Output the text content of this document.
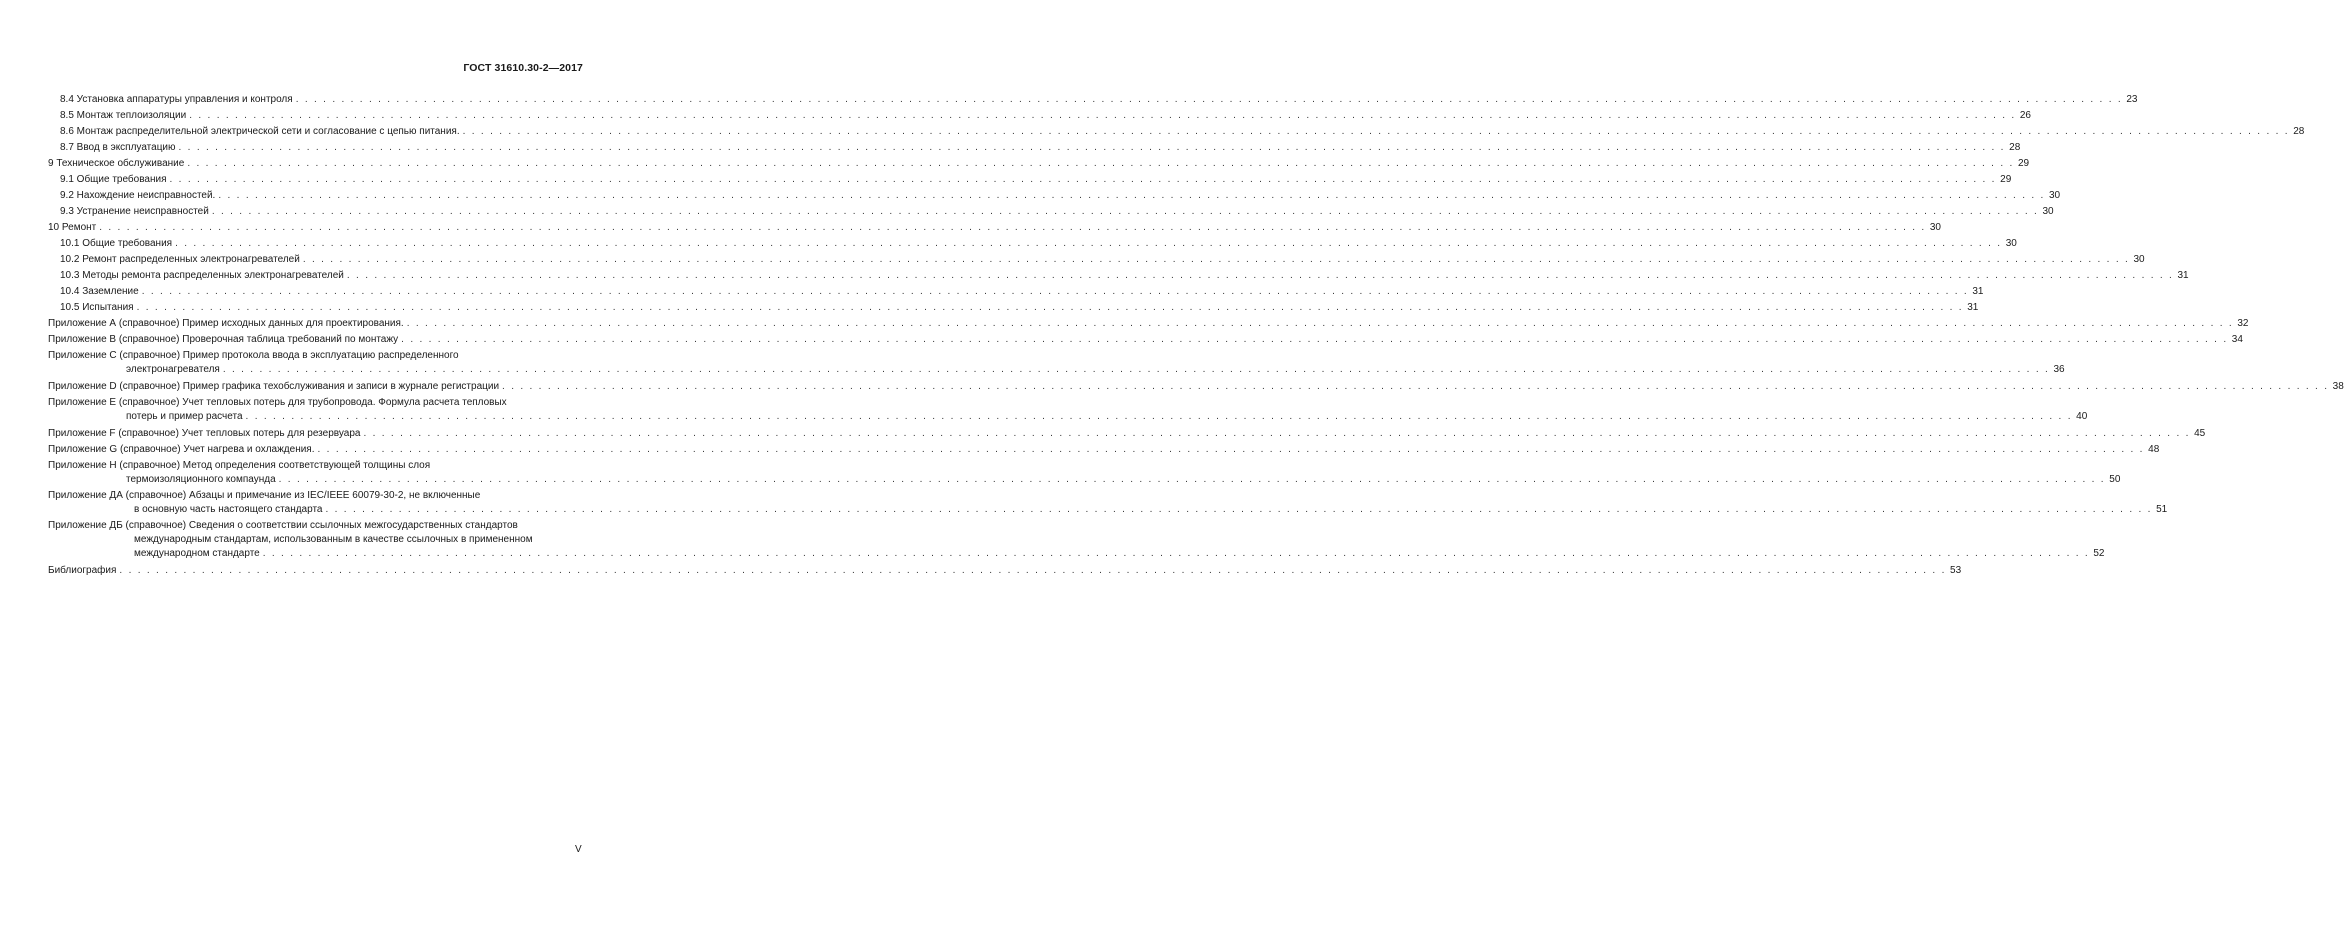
ГОСТ 31610.30-2—2017
8.4 Установка аппаратуры управления и контроля . . . . . . . . . . . . . . . . . . . . . . . . . . . . . . . . . . . . . . . . . . . . . . . . . . . . . . . . . . . . . . . . . . . . . . . . . . . . . . . . . . . . . . . . . . . . . . . . . . . . . . . . . . . . . . . . . . . . . . . . . . . . . . . . . . . . . . . . . . . . . . . . . . . . . . . . . . . . . . . . . . . . . . . . . . . . . . . . . . . . . . . . . . . . . . . . . . . . . . . . 23
8.5 Монтаж теплоизоляции . . . . . . . . . . . . . . . . . . . . . . . . . . . . . . . . . . . . . . . . . . . . . . . . . . . . . . . . . . . . . . . . . . . . . . . . . . . . . . . . . . . . . . . . . . . . . . . . . . . . . . . . . . . . . . . . . . . . . . . . . . . . . . . . . . . . . . . . . . . . . . . . . . . . . . . . . . . . . . . . . . . . . . . . . . . . . . . . . . . . . . . . . . . . . . . . . . . . . . . . 26
8.6 Монтаж распределительной электрической сети и согласование с цепью питания. . . . . . . . . . . . . . . . . . . . . . . . . . . . . . . . . . . . . . . . . . . . . . . . . . . . . . . . . . . . . . . . . . . . . . . . . . . . . . . . . . . . . . . . . . . . . . . . . . . . . . . . . . . . . . . . . . . . . . . . . . . . . . . . . . . . . . . . . . . . . . . . . . . . . . . . . . . . . . . . . . . . . . . . . . . . . . . . . . . . . . . . . . . . . . . . . . . . . . . . . 28
8.7 Ввод в эксплуатацию . . . . . . . . . . . . . . . . . . . . . . . . . . . . . . . . . . . . . . . . . . . . . . . . . . . . . . . . . . . . . . . . . . . . . . . . . . . . . . . . . . . . . . . . . . . . . . . . . . . . . . . . . . . . . . . . . . . . . . . . . . . . . . . . . . . . . . . . . . . . . . . . . . . . . . . . . . . . . . . . . . . . . . . . . . . . . . . . . . . . . . . . . . . . . . . . . . . . . . . . 28
9 Техническое обслуживание . . . . . . . . . . . . . . . . . . . . . . . . . . . . . . . . . . . . . . . . . . . . . . . . . . . . . . . . . . . . . . . . . . . . . . . . . . . . . . . . . . . . . . . . . . . . . . . . . . . . . . . . . . . . . . . . . . . . . . . . . . . . . . . . . . . . . . . . . . . . . . . . . . . . . . . . . . . . . . . . . . . . . . . . . . . . . . . . . . . . . . . . . . . . . . . . . . . . . . . . 29
9.1 Общие требования . . . . . . . . . . . . . . . . . . . . . . . . . . . . . . . . . . . . . . . . . . . . . . . . . . . . . . . . . . . . . . . . . . . . . . . . . . . . . . . . . . . . . . . . . . . . . . . . . . . . . . . . . . . . . . . . . . . . . . . . . . . . . . . . . . . . . . . . . . . . . . . . . . . . . . . . . . . . . . . . . . . . . . . . . . . . . . . . . . . . . . . . . . . . . . . . . . . . . . . . 29
9.2 Нахождение неисправностей. . . . . . . . . . . . . . . . . . . . . . . . . . . . . . . . . . . . . . . . . . . . . . . . . . . . . . . . . . . . . . . . . . . . . . . . . . . . . . . . . . . . . . . . . . . . . . . . . . . . . . . . . . . . . . . . . . . . . . . . . . . . . . . . . . . . . . . . . . . . . . . . . . . . . . . . . . . . . . . . . . . . . . . . . . . . . . . . . . . . . . . . . . . . . . . . . . . . . . . . . 30
9.3 Устранение неисправностей . . . . . . . . . . . . . . . . . . . . . . . . . . . . . . . . . . . . . . . . . . . . . . . . . . . . . . . . . . . . . . . . . . . . . . . . . . . . . . . . . . . . . . . . . . . . . . . . . . . . . . . . . . . . . . . . . . . . . . . . . . . . . . . . . . . . . . . . . . . . . . . . . . . . . . . . . . . . . . . . . . . . . . . . . . . . . . . . . . . . . . . . . . . . . . . . . . . . . . . . 30
10 Ремонт . . . . . . . . . . . . . . . . . . . . . . . . . . . . . . . . . . . . . . . . . . . . . . . . . . . . . . . . . . . . . . . . . . . . . . . . . . . . . . . . . . . . . . . . . . . . . . . . . . . . . . . . . . . . . . . . . . . . . . . . . . . . . . . . . . . . . . . . . . . . . . . . . . . . . . . . . . . . . . . . . . . . . . . . . . . . . . . . . . . . . . . . . . . . . . . . . . . . . . . . 30
10.1 Общие требования . . . . . . . . . . . . . . . . . . . . . . . . . . . . . . . . . . . . . . . . . . . . . . . . . . . . . . . . . . . . . . . . . . . . . . . . . . . . . . . . . . . . . . . . . . . . . . . . . . . . . . . . . . . . . . . . . . . . . . . . . . . . . . . . . . . . . . . . . . . . . . . . . . . . . . . . . . . . . . . . . . . . . . . . . . . . . . . . . . . . . . . . . . . . . . . . . . . . . . . . 30
10.2 Ремонт распределенных электронагревателей . . . . . . . . . . . . . . . . . . . . . . . . . . . . . . . . . . . . . . . . . . . . . . . . . . . . . . . . . . . . . . . . . . . . . . . . . . . . . . . . . . . . . . . . . . . . . . . . . . . . . . . . . . . . . . . . . . . . . . . . . . . . . . . . . . . . . . . . . . . . . . . . . . . . . . . . . . . . . . . . . . . . . . . . . . . . . . . . . . . . . . . . . . . . . . . . . . . . . . . . 30
10.3 Методы ремонта распределенных электронагревателей . . . . . . . . . . . . . . . . . . . . . . . . . . . . . . . . . . . . . . . . . . . . . . . . . . . . . . . . . . . . . . . . . . . . . . . . . . . . . . . . . . . . . . . . . . . . . . . . . . . . . . . . . . . . . . . . . . . . . . . . . . . . . . . . . . . . . . . . . . . . . . . . . . . . . . . . . . . . . . . . . . . . . . . . . . . . . . . . . . . . . . . . . . . . . . . . . . . . . . . . 31
10.4 Заземление . . . . . . . . . . . . . . . . . . . . . . . . . . . . . . . . . . . . . . . . . . . . . . . . . . . . . . . . . . . . . . . . . . . . . . . . . . . . . . . . . . . . . . . . . . . . . . . . . . . . . . . . . . . . . . . . . . . . . . . . . . . . . . . . . . . . . . . . . . . . . . . . . . . . . . . . . . . . . . . . . . . . . . . . . . . . . . . . . . . . . . . . . . . . . . . . . . . . . . . . 31
10.5 Испытания . . . . . . . . . . . . . . . . . . . . . . . . . . . . . . . . . . . . . . . . . . . . . . . . . . . . . . . . . . . . . . . . . . . . . . . . . . . . . . . . . . . . . . . . . . . . . . . . . . . . . . . . . . . . . . . . . . . . . . . . . . . . . . . . . . . . . . . . . . . . . . . . . . . . . . . . . . . . . . . . . . . . . . . . . . . . . . . . . . . . . . . . . . . . . . . . . . . . . . . . 31
Приложение А (справочное) Пример исходных данных для проектирования. . . . . . . . . . . . . . . . . . . . . . . . . . . . . . . . . . . . . . . . . . . . . . . . . . . . . . . . . . . . . . . . . . . . . . . . . . . . . . . . . . . . . . . . . . . . . . . . . . . . . . . . . . . . . . . . . . . . . . . . . . . . . . . . . . . . . . . . . . . . . . . . . . . . . . . . . . . . . . . . . . . . . . . . . . . . . . . . . . . . . . . . . . . . . . . . . . . . . . . . . 32
Приложение В (справочное) Проверочная таблица требований по монтажу . . . . . . . . . . . . . . . . . . . . . . . . . . . . . . . . . . . . . . . . . . . . . . . . . . . . . . . . . . . . . . . . . . . . . . . . . . . . . . . . . . . . . . . . . . . . . . . . . . . . . . . . . . . . . . . . . . . . . . . . . . . . . . . . . . . . . . . . . . . . . . . . . . . . . . . . . . . . . . . . . . . . . . . . . . . . . . . . . . . . . . . . . . . . . . . . . . . . . . . . 34
Приложение С (справочное) Пример протокола ввода в эксплуатацию распределенного
электронагревателя . . . . . . . . . . . . . . . . . . . . . . . . . . . . . . . . . . . . . . . . . . . . . . . . . . . . . . . . . . . . . . . . . . . . . . . . . . . . . . . . . . . . . . . . . . . . . . . . . . . . . . . . . . . . . . . . . . . . . . . . . . . . . . . . . . . . . . . . . . . . . . . . . . . . . . . . . . . . . . . . . . . . . . . . . . . . . . . . . . . . . . . . . . . . . . . . . . . . . . . . 36
Приложение D (справочное) Пример графика техобслуживания и записи в журнале регистрации . . . . . . . . . . . . . . . . . . . . . . . . . . . . . . . . . . . . . . . . . . . . . . . . . . . . . . . . . . . . . . . . . . . . . . . . . . . . . . . . . . . . . . . . . . . . . . . . . . . . . . . . . . . . . . . . . . . . . . . . . . . . . . . . . . . . . . . . . . . . . . . . . . . . . . . . . . . . . . . . . . . . . . . . . . . . . . . . . . . . . . . . . . . . . . . . . . . . . . . . 38
Приложение Е (справочное) Учет тепловых потерь для трубопровода. Формула расчета тепловых
потерь и пример расчета . . . . . . . . . . . . . . . . . . . . . . . . . . . . . . . . . . . . . . . . . . . . . . . . . . . . . . . . . . . . . . . . . . . . . . . . . . . . . . . . . . . . . . . . . . . . . . . . . . . . . . . . . . . . . . . . . . . . . . . . . . . . . . . . . . . . . . . . . . . . . . . . . . . . . . . . . . . . . . . . . . . . . . . . . . . . . . . . . . . . . . . . . . . . . . . . . . . . . . . . 40
Приложение F (справочное) Учет тепловых потерь для резервуара . . . . . . . . . . . . . . . . . . . . . . . . . . . . . . . . . . . . . . . . . . . . . . . . . . . . . . . . . . . . . . . . . . . . . . . . . . . . . . . . . . . . . . . . . . . . . . . . . . . . . . . . . . . . . . . . . . . . . . . . . . . . . . . . . . . . . . . . . . . . . . . . . . . . . . . . . . . . . . . . . . . . . . . . . . . . . . . . . . . . . . . . . . . . . . . . . . . . . . . . 45
Приложение G (справочное) Учет нагрева и охлаждения. . . . . . . . . . . . . . . . . . . . . . . . . . . . . . . . . . . . . . . . . . . . . . . . . . . . . . . . . . . . . . . . . . . . . . . . . . . . . . . . . . . . . . . . . . . . . . . . . . . . . . . . . . . . . . . . . . . . . . . . . . . . . . . . . . . . . . . . . . . . . . . . . . . . . . . . . . . . . . . . . . . . . . . . . . . . . . . . . . . . . . . . . . . . . . . . . . . . . . . . . 48
Приложение Н (справочное) Метод определения соответствующей толщины слоя
термоизоляционного компаунда . . . . . . . . . . . . . . . . . . . . . . . . . . . . . . . . . . . . . . . . . . . . . . . . . . . . . . . . . . . . . . . . . . . . . . . . . . . . . . . . . . . . . . . . . . . . . . . . . . . . . . . . . . . . . . . . . . . . . . . . . . . . . . . . . . . . . . . . . . . . . . . . . . . . . . . . . . . . . . . . . . . . . . . . . . . . . . . . . . . . . . . . . . . . . . . . . . . . . . . . 50
Приложение ДА (справочное) Абзацы и примечание из IEC/IEEE 60079-30-2, не включенные
в основную часть настоящего стандарта . . . . . . . . . . . . . . . . . . . . . . . . . . . . . . . . . . . . . . . . . . . . . . . . . . . . . . . . . . . . . . . . . . . . . . . . . . . . . . . . . . . . . . . . . . . . . . . . . . . . . . . . . . . . . . . . . . . . . . . . . . . . . . . . . . . . . . . . . . . . . . . . . . . . . . . . . . . . . . . . . . . . . . . . . . . . . . . . . . . . . . . . . . . . . . . . . . . . . . . . 51
Приложение ДБ (справочное) Сведения о соответствии ссылочных межгосударственных стандартов
международным стандартам, использованным в качестве ссылочных в примененном
международном стандарте . . . . . . . . . . . . . . . . . . . . . . . . . . . . . . . . . . . . . . . . . . . . . . . . . . . . . . . . . . . . . . . . . . . . . . . . . . . . . . . . . . . . . . . . . . . . . . . . . . . . . . . . . . . . . . . . . . . . . . . . . . . . . . . . . . . . . . . . . . . . . . . . . . . . . . . . . . . . . . . . . . . . . . . . . . . . . . . . . . . . . . . . . . . . . . . . . . . . . . . . 52
Библиография . . . . . . . . . . . . . . . . . . . . . . . . . . . . . . . . . . . . . . . . . . . . . . . . . . . . . . . . . . . . . . . . . . . . . . . . . . . . . . . . . . . . . . . . . . . . . . . . . . . . . . . . . . . . . . . . . . . . . . . . . . . . . . . . . . . . . . . . . . . . . . . . . . . . . . . . . . . . . . . . . . . . . . . . . . . . . . . . . . . . . . . . . . . . . . . . . . . . . . . . 53
V
